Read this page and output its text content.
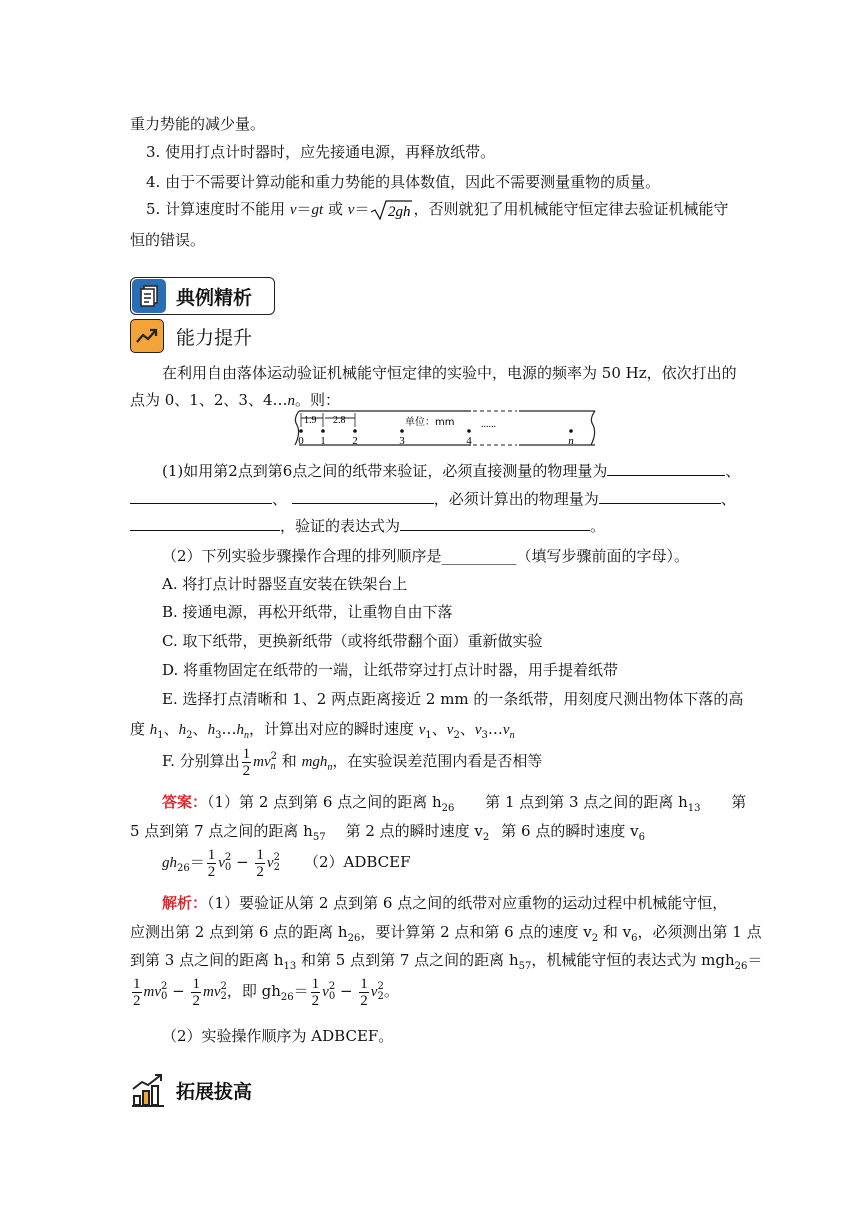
重力势能的减少量。
3. 使用打点计时器时，应先接通电源，再释放纸带。
4. 由于不需要计算动能和重力势能的具体数值，因此不需要测量重物的质量。
5. 计算速度时不能用 v＝gt 或 v＝ 2gh ，否则就犯了用机械能守恒定律去验证机械能守
恒的错误。
典例精析
能力提升
在利用自由落体运动验证机械能守恒定律的实验中，电源的频率为 50 Hz，依次打出的
点为 0、1、2、3、4…n。则：
1.9 2.8	单位：mm	......
0 1 2	3	4	n
(1)如用第2点到第6点之间的纸带来验证，必须直接测量的物理量为	、
、	，必须计算出的物理量为	、
，验证的表达式为	。
（2）下列实验步骤操作合理的排列顺序是__________（填写步骤前面的字母）。
A. 将打点计时器竖直安装在铁架台上
B. 接通电源，再松开纸带，让重物自由下落
C. 取下纸带，更换新纸带（或将纸带翻个面）重新做实验
D. 将重物固定在纸带的一端，让纸带穿过打点计时器，用手提着纸带
E. 选择打点清晰和 1、2 两点距离接近 2 mm 的一条纸带，用刻度尺测出物体下落的高
度 $h_1$、$h_2$、$h_3\dots h_n$，计算出对应的瞬时速度 $v_1$、$v_2$、$v_3\dots v_n$
F. 分别算出 $\frac{1}{2}$ mv 2
n 和 mgh$_n$，在实验误差范围内看是否相等
答案：（1）第 2 点到第 6 点之间的距离 $h_{26}$ 第 1 点到第 3 点之间的距离 $h_{13}$ 第
5 点到第 7 点之间的距离 $h_{57}$ 第 2 点的瞬时速度 $v_2$ 第 6 点的瞬时速度 $v_6$
$gh_{26}= \frac{1}{2}$ v 2
$0 - \frac{1}{2}$ v 2
2 （2）ADBCEF
解析：（1）要验证从第 2 点到第 6 点之间的纸带对应重物的运动过程中机械能守恒，
应测出第 2 点到第 6 点的距离 $h_{26}$，要计算第 2 点和第 6 点的速度 $v_2$ 和 $v_6$，必须测出第 1 点
到第 3 点之间的距离 $h_{13}$ 和第 5 点到第 7 点之间的距离 $h_{57}$，机械能守恒的表达式为 mgh$_{26}$＝
$\frac{1}{2}$ mv 2
$0 - \frac{1}{2}$ mv 2
2 ，即 $gh_{26}= \frac{1}{2}$ v 2
$0 - \frac{1}{2}$ v 2
2 。
（2）实验操作顺序为 ADBCEF。
拓展拔高
